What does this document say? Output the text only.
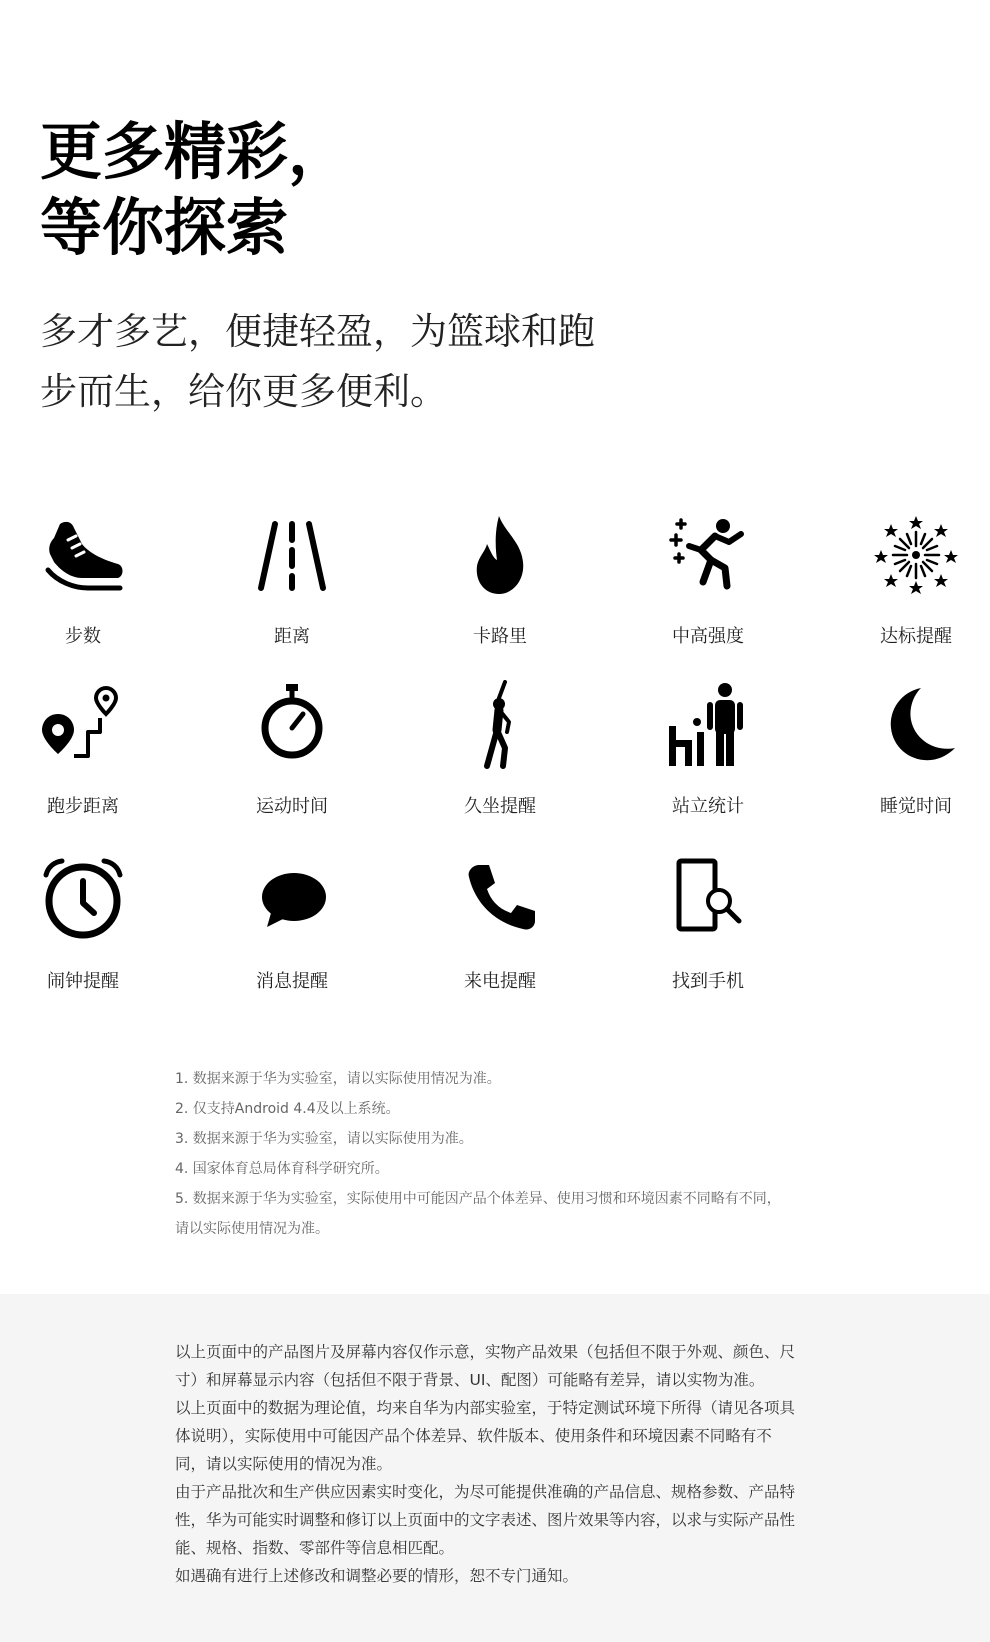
更多精彩，
等你探索
多才多艺，便捷轻盈，为篮球和跑
步而生，给你更多便利。
步数	距离	卡路里	中高强度	达标提醒
跑步距离	运动时间	久坐提醒	站立统计	睡觉时间
闹钟提醒	消息提醒	来电提醒	找到手机
1. 数据来源于华为实验室，请以实际使用情况为准。
2. 仅支持Android 4.4及以上系统。
3. 数据来源于华为实验室，请以实际使用为准。
4. 国家体育总局体育科学研究所。
5. 数据来源于华为实验室，实际使用中可能因产品个体差异、使用习惯和环境因素不同略有不同，
请以实际使用情况为准。
以上页面中的产品图片及屏幕内容仅作示意，实物产品效果（包括但不限于外观、颜色、尺
寸）和屏幕显示内容（包括但不限于背景、UI、配图）可能略有差异，请以实物为准。
以上页面中的数据为理论值，均来自华为内部实验室，于特定测试环境下所得（请见各项具
体说明），实际使用中可能因产品个体差异、软件版本、使用条件和环境因素不同略有不
同，请以实际使用的情况为准。
由于产品批次和生产供应因素实时变化，为尽可能提供准确的产品信息、规格参数、产品特
性，华为可能实时调整和修订以上页面中的文字表述、图片效果等内容，以求与实际产品性
能、规格、指数、零部件等信息相匹配。
如遇确有进行上述修改和调整必要的情形，恕不专门通知。
